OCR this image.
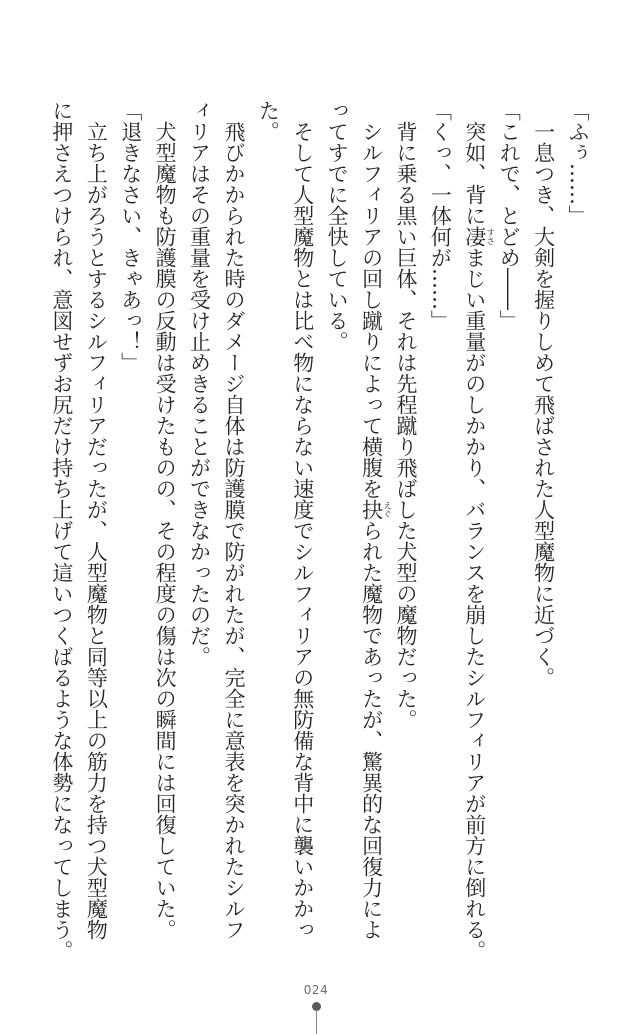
「ふぅ……」
一息つき、大剣を握りしめて飛ばされた人型魔物に近づく。
「これで、とどめ――」
突如、背に凄
すさ
まじい重量がのしかかり、バランスを崩したシルフィリアが前方に倒れる。
「くっ、一体何が……」
背に乗る黒い巨体、それは先程蹴り飛ばした犬型の魔物だった。
シルフィリアの回し蹴りによって横腹を抉
えぐ
られた魔物であったが、驚異的な回復力によ
ってすでに全快している。
そして人型魔物とは比べ物にならない速度でシルフィリアの無防備な背中に襲いかかっ
た。
飛びかかられた時のダメージ自体は防護膜で防がれたが、完全に意表を突かれたシルフ
ィリアはその重量を受け止めきることができなかったのだ。
犬型魔物も防護膜の反動は受けたものの、その程度の傷は次の瞬間には回復していた。
「退きなさい、きゃあっ！」
立ち上がろうとするシルフィリアだったが、人型魔物と同等以上の筋力を持つ犬型魔物
に押さえつけられ、意図せずお尻だけ持ち上げて這いつくばるような体勢になってしまう。
024
